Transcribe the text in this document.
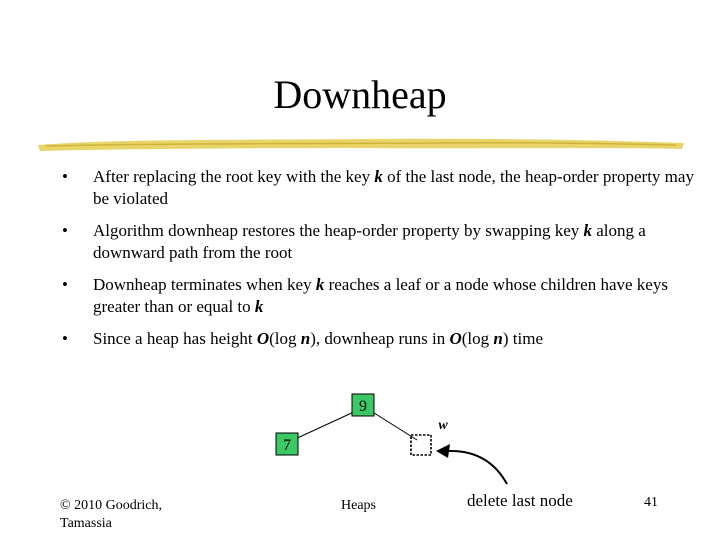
Downheap
• After replacing the root key with the key k of the last node, the heap-order property may be violated
• Algorithm downheap restores the heap-order property by swapping key k along a downward path from the root
• Downheap terminates when key k reaches a leaf or a node whose children have keys greater than or equal to k
• Since a heap has height O(log n), downheap runs in O(log n) time
9
7
w
delete last node
© 2010 Goodrich, Tamassia
Heaps	41
